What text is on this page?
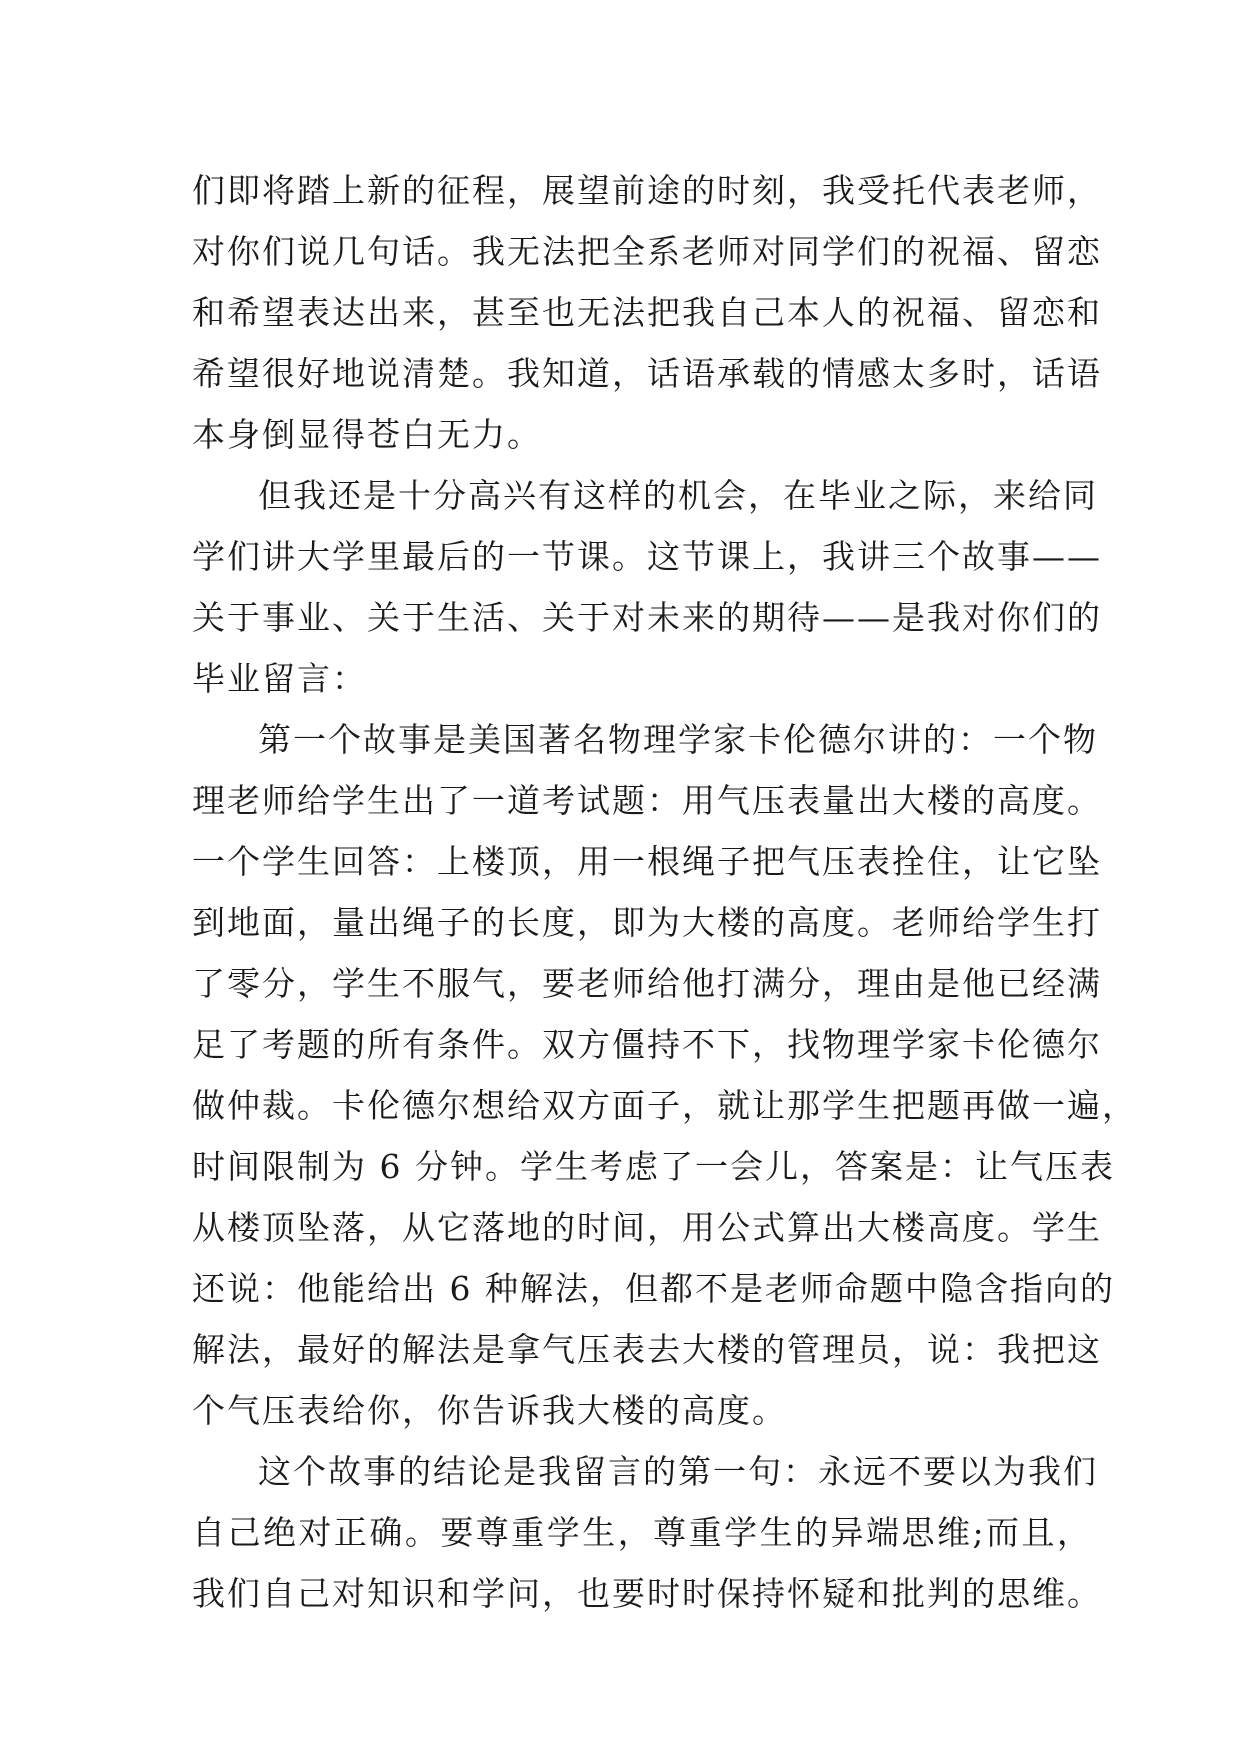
们即将踏上新的征程，展望前途的时刻，我受托代表老师，
对你们说几句话。我无法把全系老师对同学们的祝福、留恋
和希望表达出来，甚至也无法把我自己本人的祝福、留恋和
希望很好地说清楚。我知道，话语承载的情感太多时，话语
本身倒显得苍白无力。
但我还是十分高兴有这样的机会，在毕业之际，来给同
学们讲大学里最后的一节课。这节课上，我讲三个故事——
关于事业、关于生活、关于对未来的期待——是我对你们的
毕业留言：
第一个故事是美国著名物理学家卡伦德尔讲的：一个物
理老师给学生出了一道考试题：用气压表量出大楼的高度。
一个学生回答：上楼顶，用一根绳子把气压表拴住，让它坠
到地面，量出绳子的长度，即为大楼的高度。老师给学生打
了零分，学生不服气，要老师给他打满分，理由是他已经满
足了考题的所有条件。双方僵持不下，找物理学家卡伦德尔
做仲裁。卡伦德尔想给双方面子，就让那学生把题再做一遍，
时间限制为 6 分钟。学生考虑了一会儿，答案是：让气压表
从楼顶坠落，从它落地的时间，用公式算出大楼高度。学生
还说：他能给出 6 种解法，但都不是老师命题中隐含指向的
解法，最好的解法是拿气压表去大楼的管理员，说：我把这
个气压表给你，你告诉我大楼的高度。
这个故事的结论是我留言的第一句：永远不要以为我们
自己绝对正确。要尊重学生，尊重学生的异端思维;而且，
我们自己对知识和学问，也要时时保持怀疑和批判的思维。
